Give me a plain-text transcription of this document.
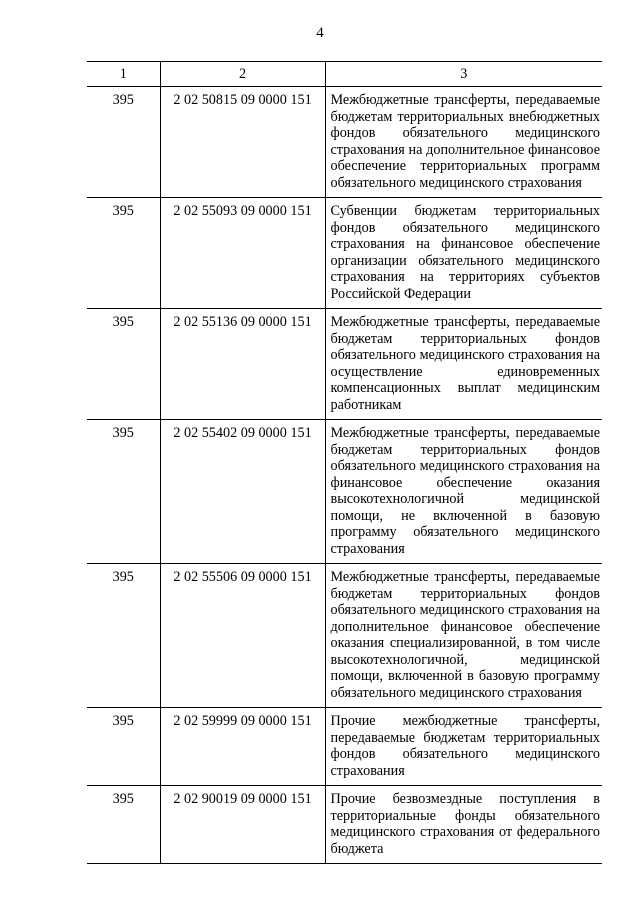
4
1	2	3
395	2 02 50815 09 0000 151	Межбюджетные трансферты, передаваемые бюджетам территориальных внебюджетных фондов обязательного медицинского страхования на дополнительное финансовое обеспечение территориальных программ обязательного медицинского страхования
395	2 02 55093 09 0000 151	Субвенции бюджетам территориальных фондов обязательного медицинского страхования на финансовое обеспечение организации обязательного медицинского страхования на территориях субъектов Российской Федерации
395	2 02 55136 09 0000 151	Межбюджетные трансферты, передаваемые бюджетам территориальных фондов обязательного медицинского страхования на осуществление единовременных компенсационных выплат медицинским работникам
395	2 02 55402 09 0000 151	Межбюджетные трансферты, передаваемые бюджетам территориальных фондов обязательного медицинского страхования на финансовое обеспечение оказания высокотехнологичной медицинской помощи, не включенной в базовую программу обязательного медицинского страхования
395	2 02 55506 09 0000 151	Межбюджетные трансферты, передаваемые бюджетам территориальных фондов обязательного медицинского страхования на дополнительное финансовое обеспечение оказания специализированной, в том числе высокотехнологичной, медицинской помощи, включенной в базовую программу обязательного медицинского страхования
395	2 02 59999 09 0000 151	Прочие межбюджетные трансферты, передаваемые бюджетам территориальных фондов обязательного медицинского страхования
395	2 02 90019 09 0000 151	Прочие безвозмездные поступления в территориальные фонды обязательного медицинского страхования от федерального бюджета
